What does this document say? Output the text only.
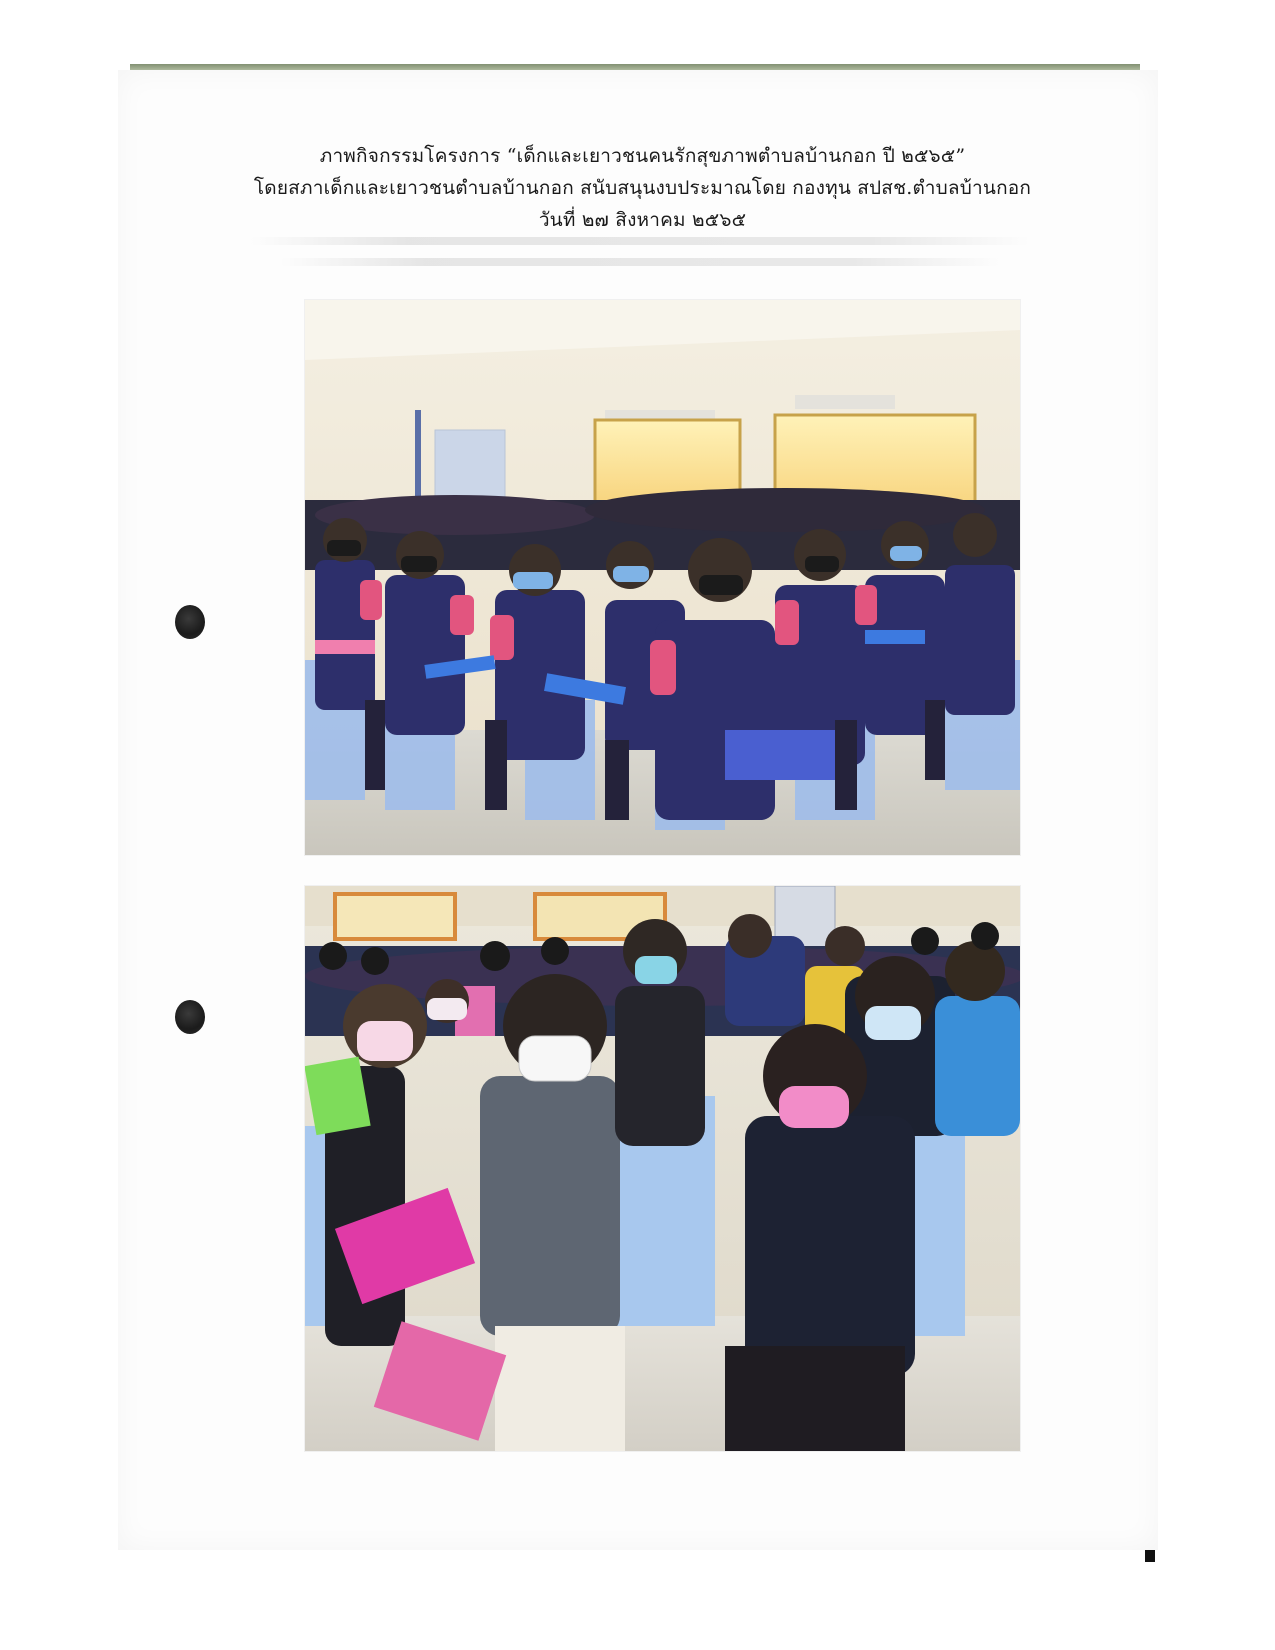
ภาพกิจกรรมโครงการ “เด็กและเยาวชนคนรักสุขภาพตำบลบ้านกอก ปี ๒๕๖๕”
โดยสภาเด็กและเยาวชนตำบลบ้านกอก สนับสนุนงบประมาณโดย กองทุน สปสช.ตำบลบ้านกอก
วันที่ ๒๗ สิงหาคม ๒๕๖๕
